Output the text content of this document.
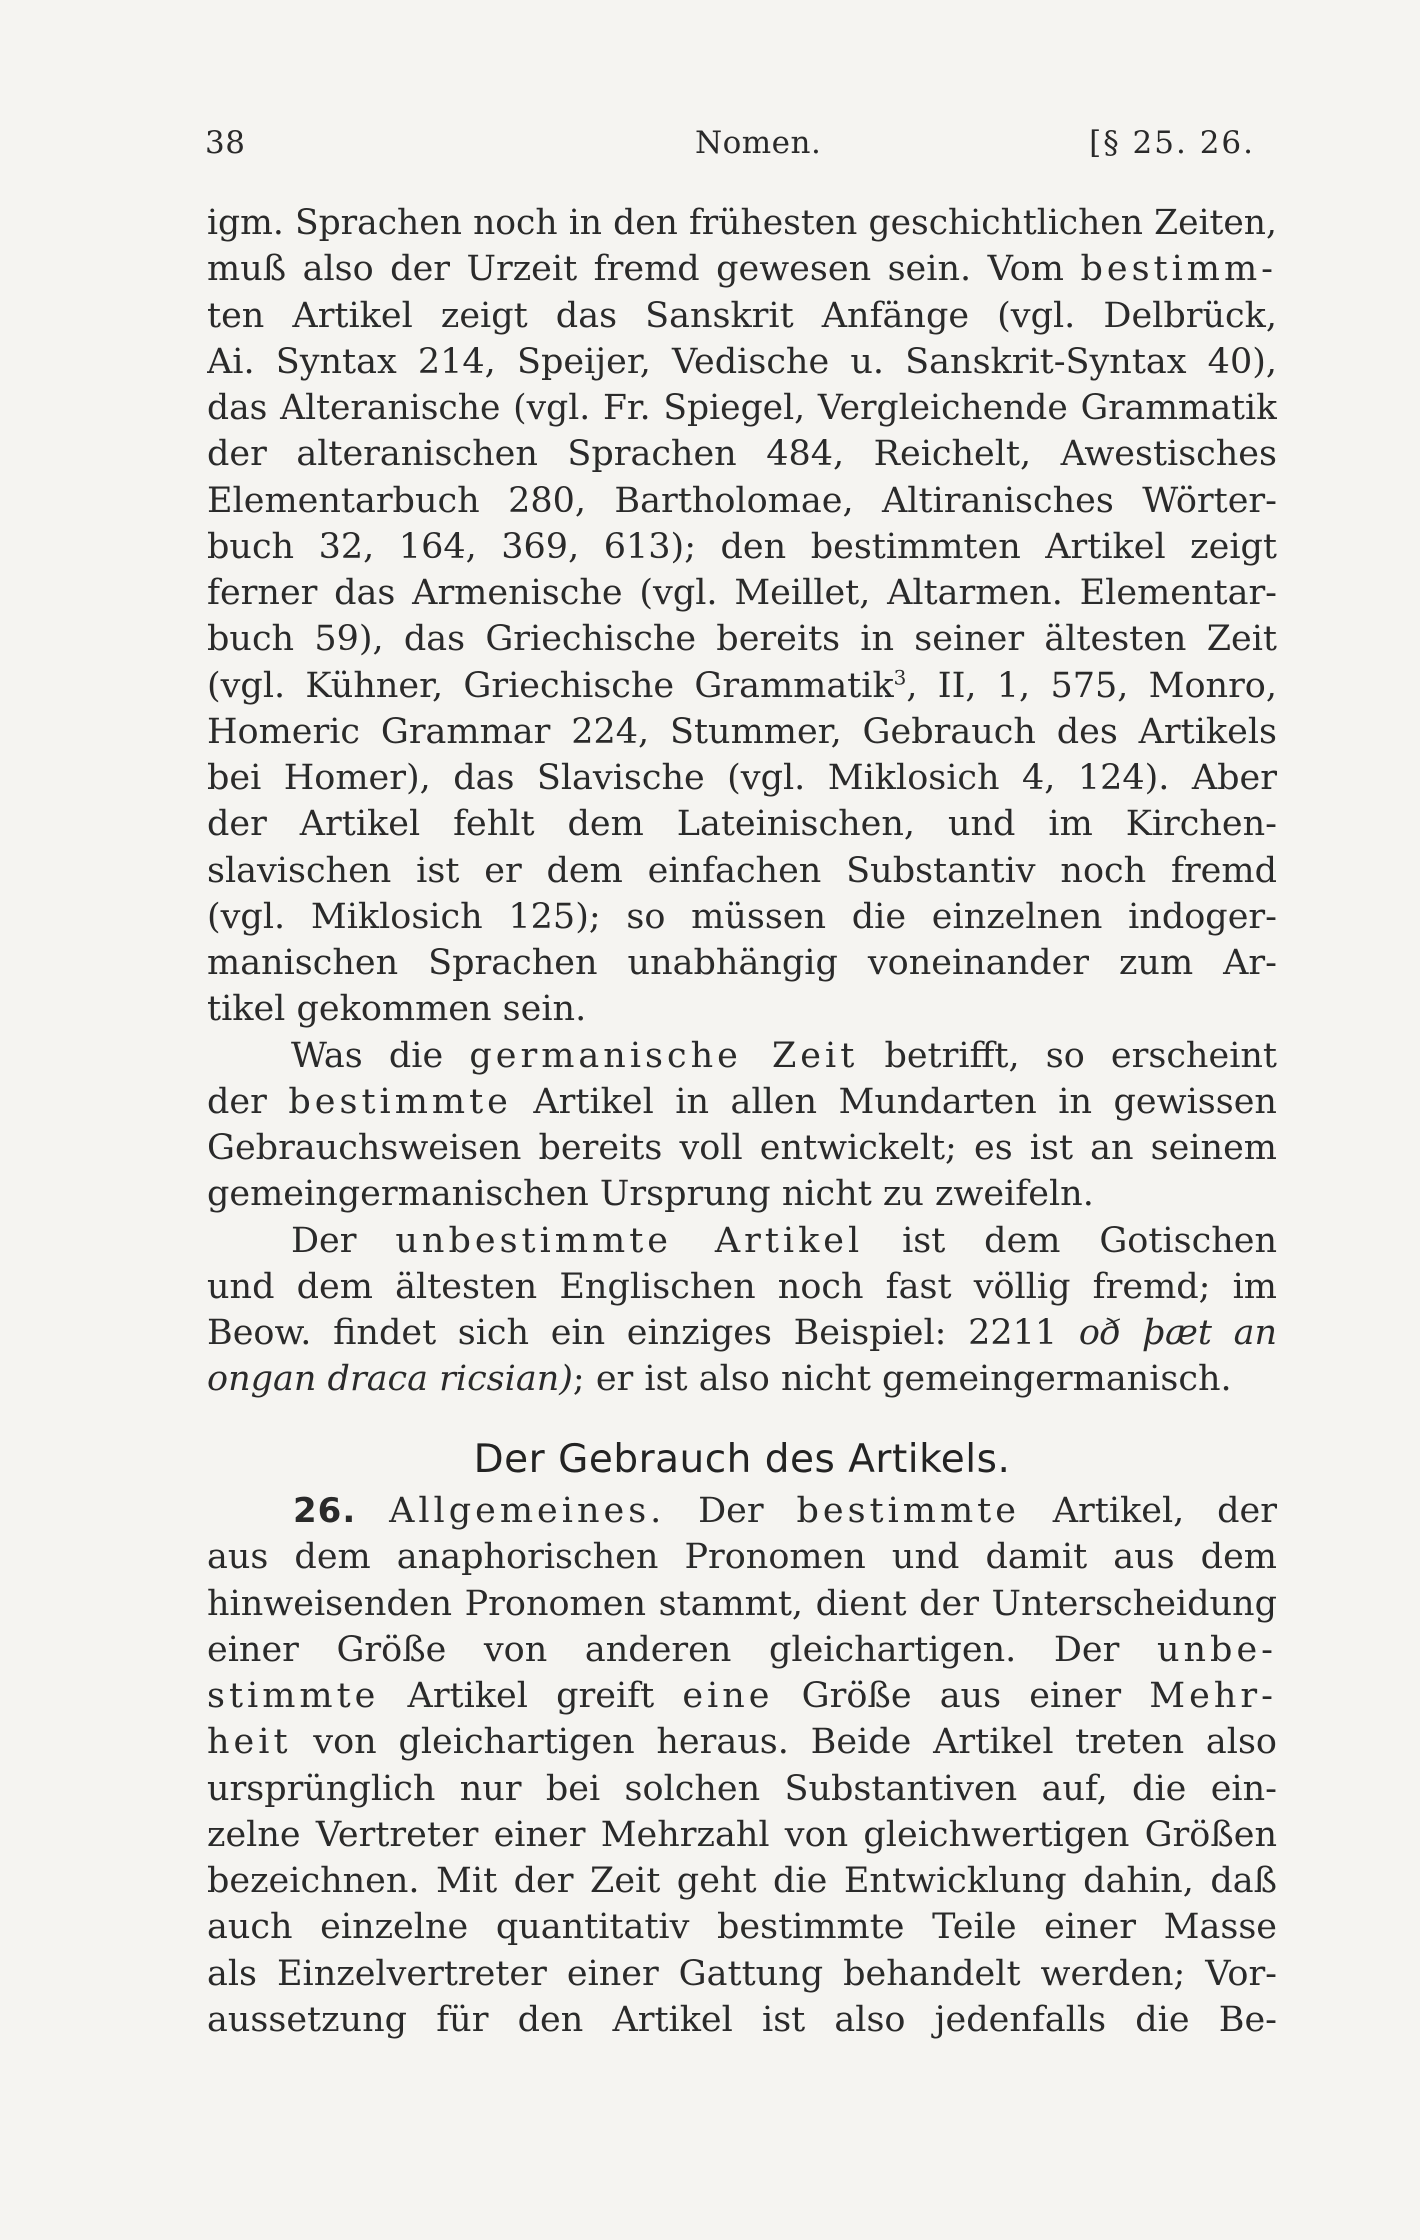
38	Nomen.	[§ 25. 26.
igm. Sprachen noch in den frühesten geschichtlichen Zeiten,
muß also der Urzeit fremd gewesen sein. Vom bestimm-
ten Artikel zeigt das Sanskrit Anfänge (vgl. Delbrück,
Ai. Syntax 214, Speijer, Vedische u. Sanskrit-Syntax 40),
das Alteranische (vgl. Fr. Spiegel, Vergleichende Grammatik
der alteranischen Sprachen 484, Reichelt, Awestisches
Elementarbuch 280, Bartholomae, Altiranisches Wörter-
buch 32, 164, 369, 613); den bestimmten Artikel zeigt
ferner das Armenische (vgl. Meillet, Altarmen. Elementar-
buch 59), das Griechische bereits in seiner ältesten Zeit
(vgl. Kühner, Griechische Grammatik$^3$, II, 1, 575, Monro,
Homeric Grammar 224, Stummer, Gebrauch des Artikels
bei Homer), das Slavische (vgl. Miklosich 4, 124). Aber
der Artikel fehlt dem Lateinischen, und im Kirchen-
slavischen ist er dem einfachen Substantiv noch fremd
(vgl. Miklosich 125); so müssen die einzelnen indoger-
manischen Sprachen unabhängig voneinander zum Ar-
tikel gekommen sein.
Was die germanische Zeit betrifft, so erscheint
der bestimmte Artikel in allen Mundarten in gewissen
Gebrauchsweisen bereits voll entwickelt; es ist an seinem
gemeingermanischen Ursprung nicht zu zweifeln.
Der unbestimmte Artikel ist dem Gotischen
und dem ältesten Englischen noch fast völlig fremd; im
Beow. findet sich ein einziges Beispiel: 2211 oð þæt an
ongan draca ricsian); er ist also nicht gemeingermanisch.
Der Gebrauch des Artikels.
26. Allgemeines. Der bestimmte Artikel, der
aus dem anaphorischen Pronomen und damit aus dem
hinweisenden Pronomen stammt, dient der Unterscheidung
einer Größe von anderen gleichartigen. Der unbe-
stimmte Artikel greift eine Größe aus einer Mehr-
heit von gleichartigen heraus. Beide Artikel treten also
ursprünglich nur bei solchen Substantiven auf, die ein-
zelne Vertreter einer Mehrzahl von gleichwertigen Größen
bezeichnen. Mit der Zeit geht die Entwicklung dahin, daß
auch einzelne quantitativ bestimmte Teile einer Masse
als Einzelvertreter einer Gattung behandelt werden; Vor-
aussetzung für den Artikel ist also jedenfalls die Be-
